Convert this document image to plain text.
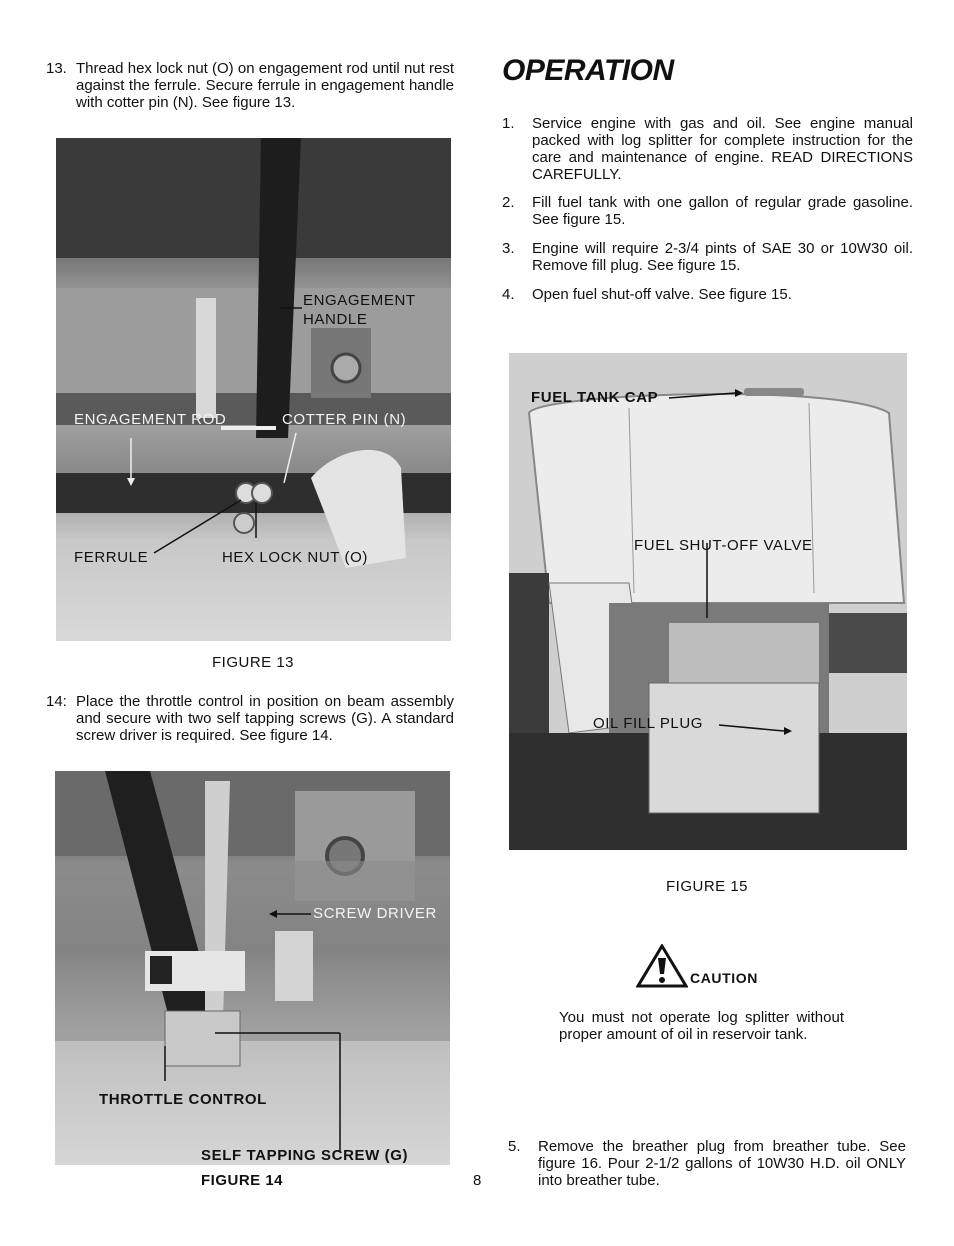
13. Thread hex lock nut (O) on engagement rod until nut rest against the ferrule. Secure ferrule in engagement handle with cotter pin (N). See figure 13.
ENGAGEMENT
HANDLE
ENGAGEMENT ROD	COTTER PIN (N)
FERRULE	HEX LOCK NUT (O)
FIGURE 13
14: Place the throttle control in position on beam assembly and secure with two self tapping screws (G). A standard screw driver is required. See figure 14.
SCREW DRIVER
THROTTLE CONTROL
SELF TAPPING SCREW (G)
FIGURE 14	8
OPERATION
1.	Service engine with gas and oil. See engine manual packed with log splitter for complete instruction for the care and maintenance of engine. READ DIRECTIONS CAREFULLY.
2.	Fill fuel tank with one gallon of regular grade gasoline. See figure 15.
3.	Engine will require 2-3/4 pints of SAE 30 or 10W30 oil. Remove fill plug. See figure 15.
4.	Open fuel shut-off valve. See figure 15.
FUEL TANK CAP
FUEL SHUT-OFF VALVE
OIL FILL PLUG
FIGURE 15
CAUTION
You must not operate log splitter without proper amount of oil in reservoir tank.
5.	Remove the breather plug from breather tube. See figure 16. Pour 2-1/2 gallons of 10W30 H.D. oil ONLY into breather tube.
